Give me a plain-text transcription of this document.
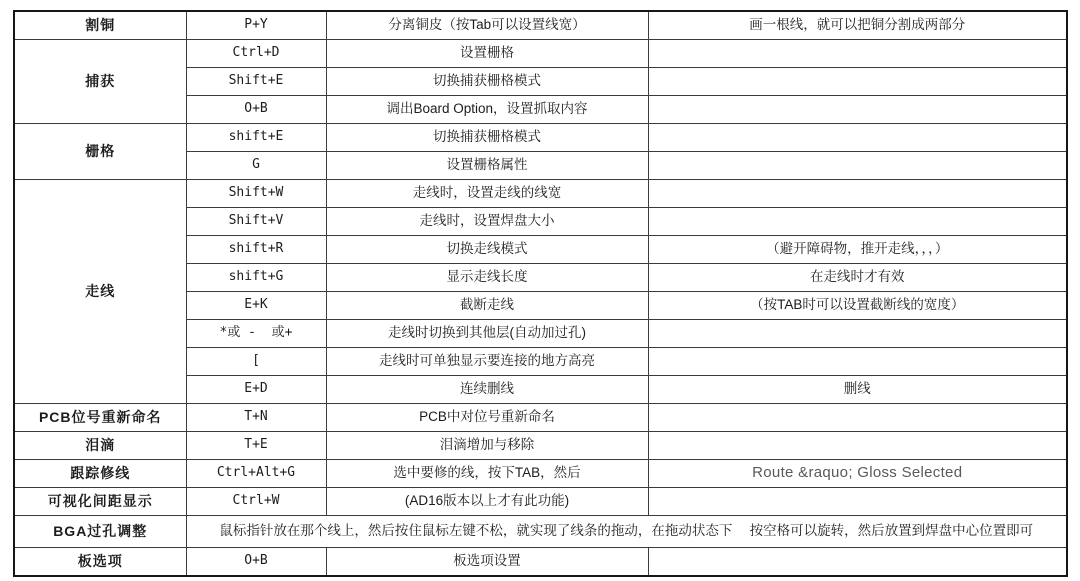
割铜	P+Y	分离铜皮（按Tab可以设置线宽）	画一根线，就可以把铜分割成两部分
捕获	Ctrl+D	设置栅格	
	Shift+E	切换捕获栅格模式	
	O+B	调出Board Option，设置抓取内容	
栅格	shift+E	切换捕获栅格模式	
	G	设置栅格属性	
走线	Shift+W	走线时，设置走线的线宽	
	Shift+V	走线时，设置焊盘大小	
	shift+R	切换走线模式	（避开障碍物，推开走线，，，）
	shift+G	显示走线长度	在走线时才有效
	E+K	截断走线	（按TAB时可以设置截断线的宽度）
	*或 -  或+	走线时切换到其他层(自动加过孔)	
	[	走线时可单独显示要连接的地方高亮	
	E+D	连续删线	删线
PCB位号重新命名	T+N	PCB中对位号重新命名	
泪滴	T+E	泪滴增加与移除	
跟踪修线	Ctrl+Alt+G	选中要修的线，按下TAB，然后	Route &raquo; Gloss Selected
可视化间距显示	Ctrl+W	(AD16版本以上才有此功能)	
BGA过孔调整	鼠标指针放在那个线上，然后按住鼠标左键不松，就实现了线条的拖动，在拖动状态下　 按空格可以旋转，然后放置到焊盘中心位置即可		
板选项	O+B	板选项设置	
